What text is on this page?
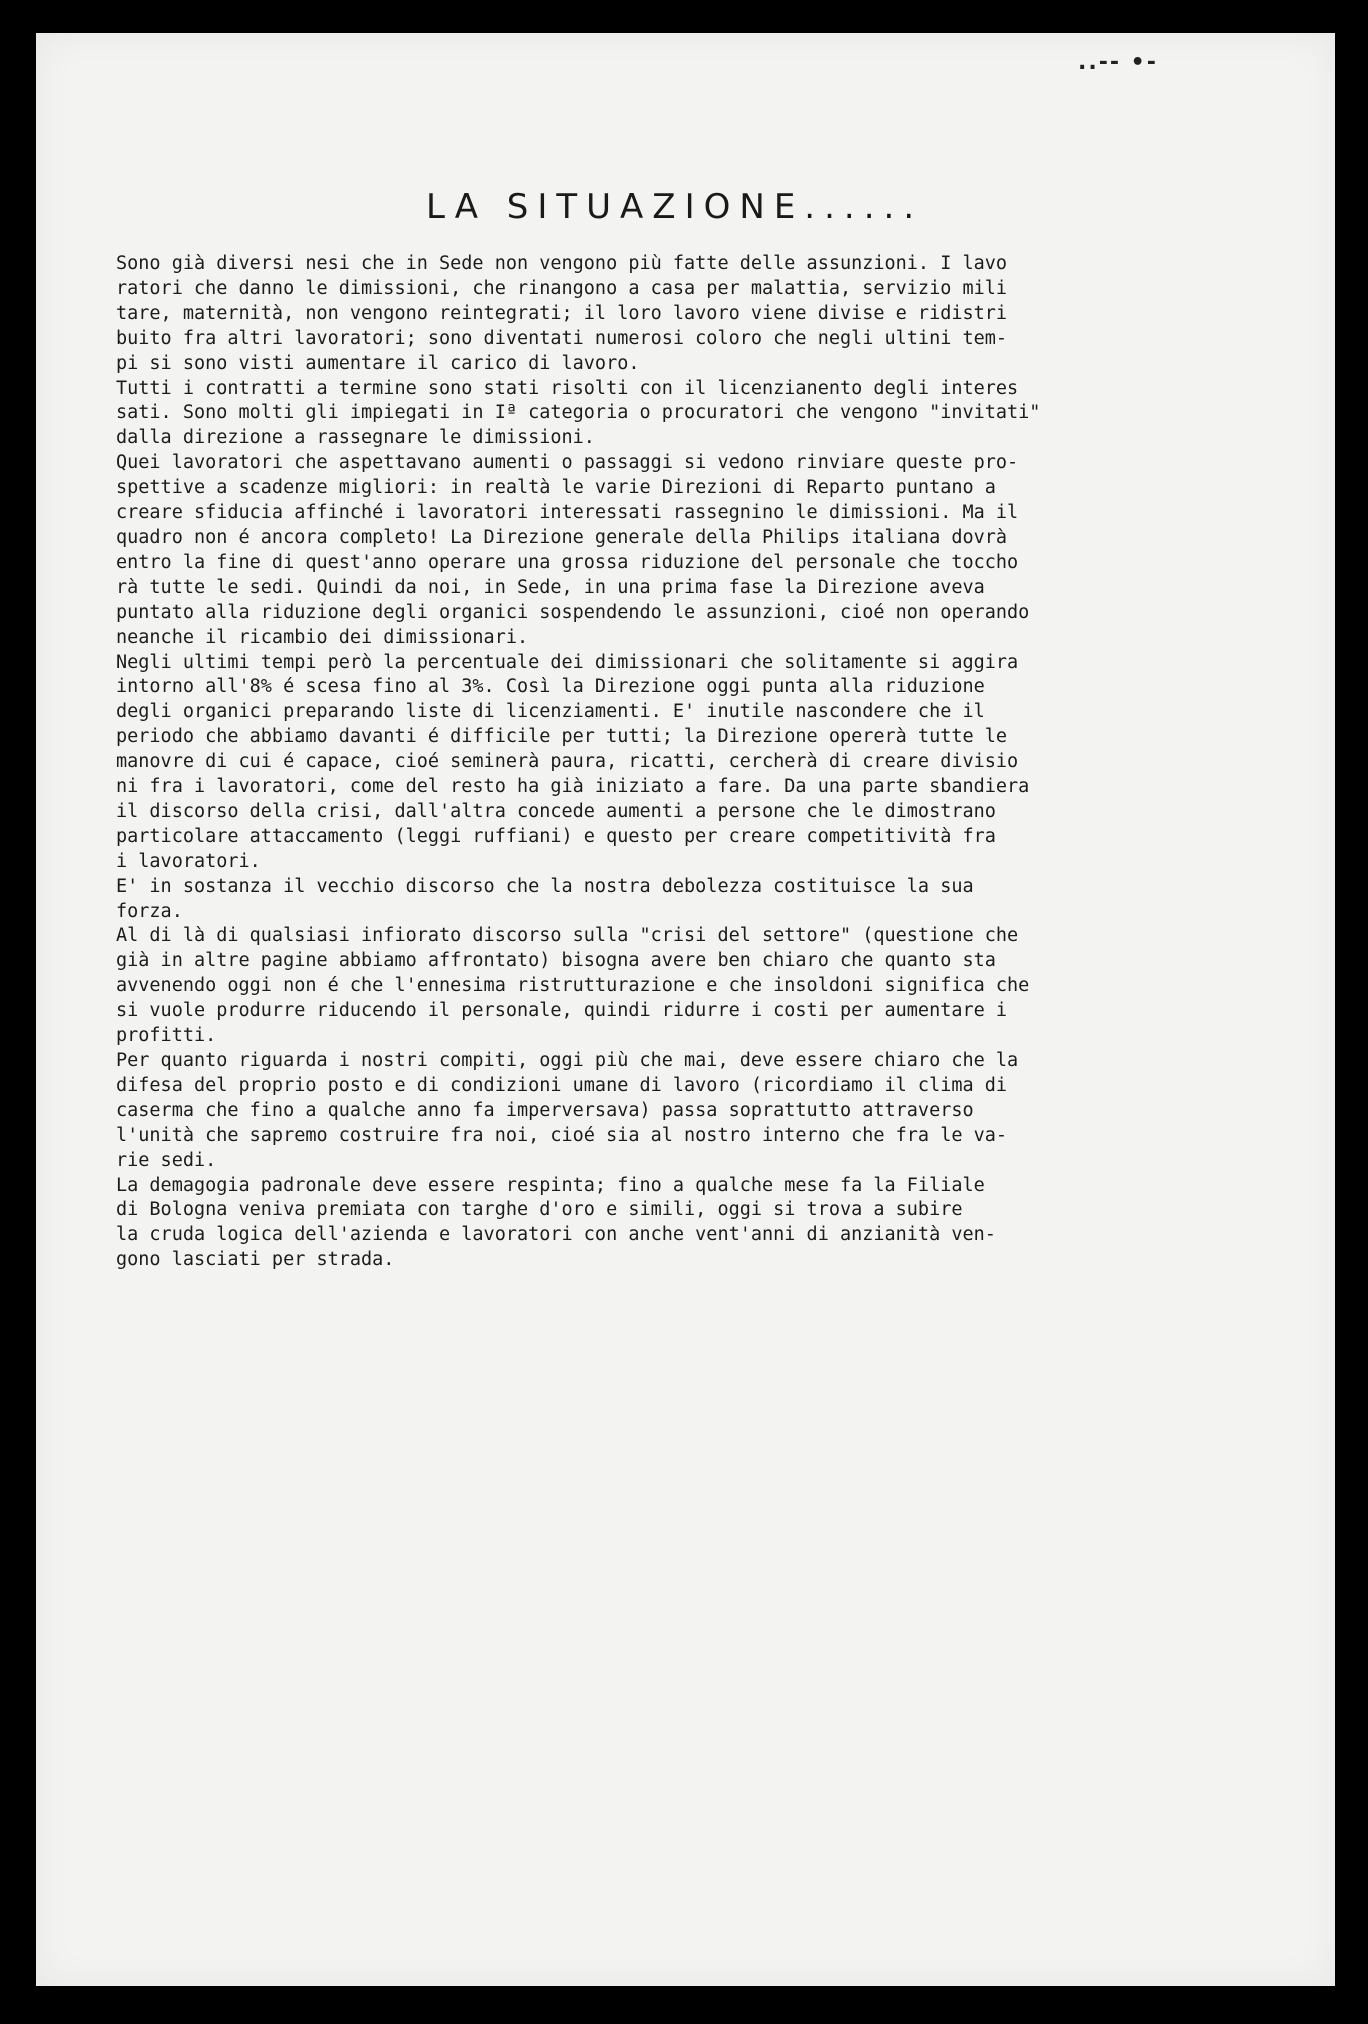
..-- •-
LA SITUAZIONE......
Sono già diversi nesi che in Sede non vengono più fatte delle assunzioni. I lavo
ratori che danno le dimissioni, che rinangono a casa per malattia, servizio mili
tare, maternità, non vengono reintegrati; il loro lavoro viene divise e ridistri
buito fra altri lavoratori; sono diventati numerosi coloro che negli ultini tem-
pi si sono visti aumentare il carico di lavoro.
Tutti i contratti a termine sono stati risolti con il licenzianento degli interes
sati. Sono molti gli impiegati in Iª categoria o procuratori che vengono "invitati"
dalla direzione a rassegnare le dimissioni.
Quei lavoratori che aspettavano aumenti o passaggi si vedono rinviare queste pro-
spettive a scadenze migliori: in realtà le varie Direzioni di Reparto puntano a
creare sfiducia affinché i lavoratori interessati rassegnino le dimissioni. Ma il
quadro non é ancora completo! La Direzione generale della Philips italiana dovrà
entro la fine di quest'anno operare una grossa riduzione del personale che toccho
rà tutte le sedi. Quindi da noi, in Sede, in una prima fase la Direzione aveva
puntato alla riduzione degli organici sospendendo le assunzioni, cioé non operando
neanche il ricambio dei dimissionari.
Negli ultimi tempi però la percentuale dei dimissionari che solitamente si aggira
intorno all'8% é scesa fino al 3%. Così la Direzione oggi punta alla riduzione
degli organici preparando liste di licenziamenti. E' inutile nascondere che il
periodo che abbiamo davanti é difficile per tutti; la Direzione opererà tutte le
manovre di cui é capace, cioé seminerà paura, ricatti, cercherà di creare divisio
ni fra i lavoratori, come del resto ha già iniziato a fare. Da una parte sbandiera
il discorso della crisi, dall'altra concede aumenti a persone che le dimostrano
particolare attaccamento (leggi ruffiani) e questo per creare competitività fra
i lavoratori.
E' in sostanza il vecchio discorso che la nostra debolezza costituisce la sua
forza.
Al di là di qualsiasi infiorato discorso sulla "crisi del settore" (questione che
già in altre pagine abbiamo affrontato) bisogna avere ben chiaro che quanto sta
avvenendo oggi non é che l'ennesima ristrutturazione e che insoldoni significa che
si vuole produrre riducendo il personale, quindi ridurre i costi per aumentare i
profitti.
Per quanto riguarda i nostri compiti, oggi più che mai, deve essere chiaro che la
difesa del proprio posto e di condizioni umane di lavoro (ricordiamo il clima di
caserma che fino a qualche anno fa imperversava) passa soprattutto attraverso
l'unità che sapremo costruire fra noi, cioé sia al nostro interno che fra le va-
rie sedi.
La demagogia padronale deve essere respinta; fino a qualche mese fa la Filiale
di Bologna veniva premiata con targhe d'oro e simili, oggi si trova a subire
la cruda logica dell'azienda e lavoratori con anche vent'anni di anzianità ven-
gono lasciati per strada.
